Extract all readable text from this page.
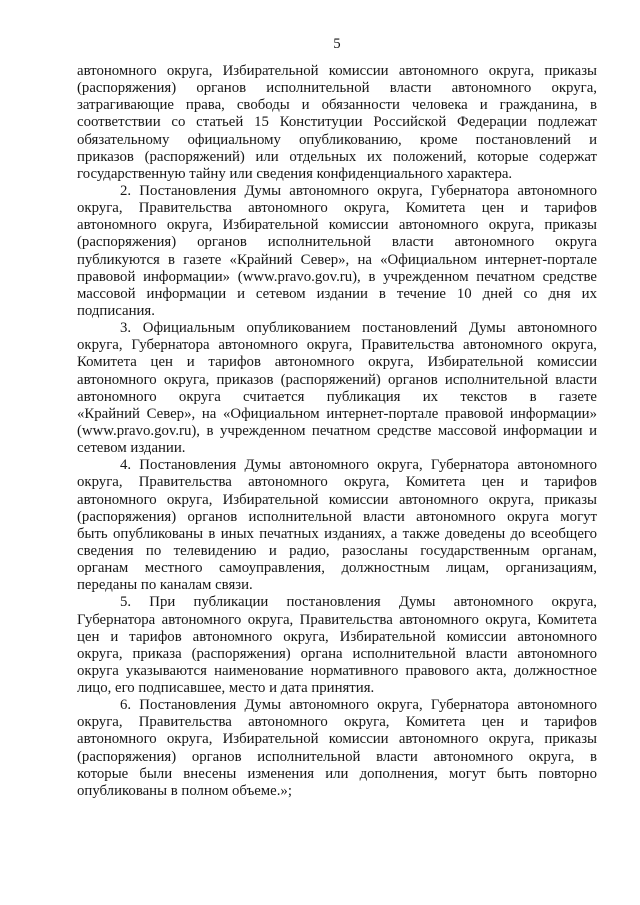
5
автономного округа, Избирательной комиссии автономного округа, приказы
(распоряжения) органов исполнительной власти автономного округа,
затрагивающие права, свободы и обязанности человека и гражданина, в
соответствии со статьей 15 Конституции Российской Федерации подлежат
обязательному официальному опубликованию, кроме постановлений и
приказов (распоряжений) или отдельных их положений, которые содержат
государственную тайну или сведения конфиденциального характера.
2. Постановления Думы автономного округа, Губернатора автономного
округа, Правительства автономного округа, Комитета цен и тарифов
автономного округа, Избирательной комиссии автономного округа, приказы
(распоряжения) органов исполнительной власти автономного округа
публикуются в газете «Крайний Север», на «Официальном интернет-портале
правовой информации» (www.pravo.gov.ru), в учрежденном печатном средстве
массовой информации и сетевом издании в течение 10 дней со дня их
подписания.
3. Официальным опубликованием постановлений Думы автономного
округа, Губернатора автономного округа, Правительства автономного округа,
Комитета цен и тарифов автономного округа, Избирательной комиссии
автономного округа, приказов (распоряжений) органов исполнительной власти
автономного округа считается публикация их текстов в газете
«Крайний Север», на «Официальном интернет-портале правовой информации»
(www.pravo.gov.ru), в учрежденном печатном средстве массовой информации и
сетевом издании.
4. Постановления Думы автономного округа, Губернатора автономного
округа, Правительства автономного округа, Комитета цен и тарифов
автономного округа, Избирательной комиссии автономного округа, приказы
(распоряжения) органов исполнительной власти автономного округа могут
быть опубликованы в иных печатных изданиях, а также доведены до всеобщего
сведения по телевидению и радио, разосланы государственным органам,
органам местного самоуправления, должностным лицам, организациям,
переданы по каналам связи.
5. При публикации постановления Думы автономного округа,
Губернатора автономного округа, Правительства автономного округа, Комитета
цен и тарифов автономного округа, Избирательной комиссии автономного
округа, приказа (распоряжения) органа исполнительной власти автономного
округа указываются наименование нормативного правового акта, должностное
лицо, его подписавшее, место и дата принятия.
6. Постановления Думы автономного округа, Губернатора автономного
округа, Правительства автономного округа, Комитета цен и тарифов
автономного округа, Избирательной комиссии автономного округа, приказы
(распоряжения) органов исполнительной власти автономного округа, в
которые были внесены изменения или дополнения, могут быть повторно
опубликованы в полном объеме.»;
